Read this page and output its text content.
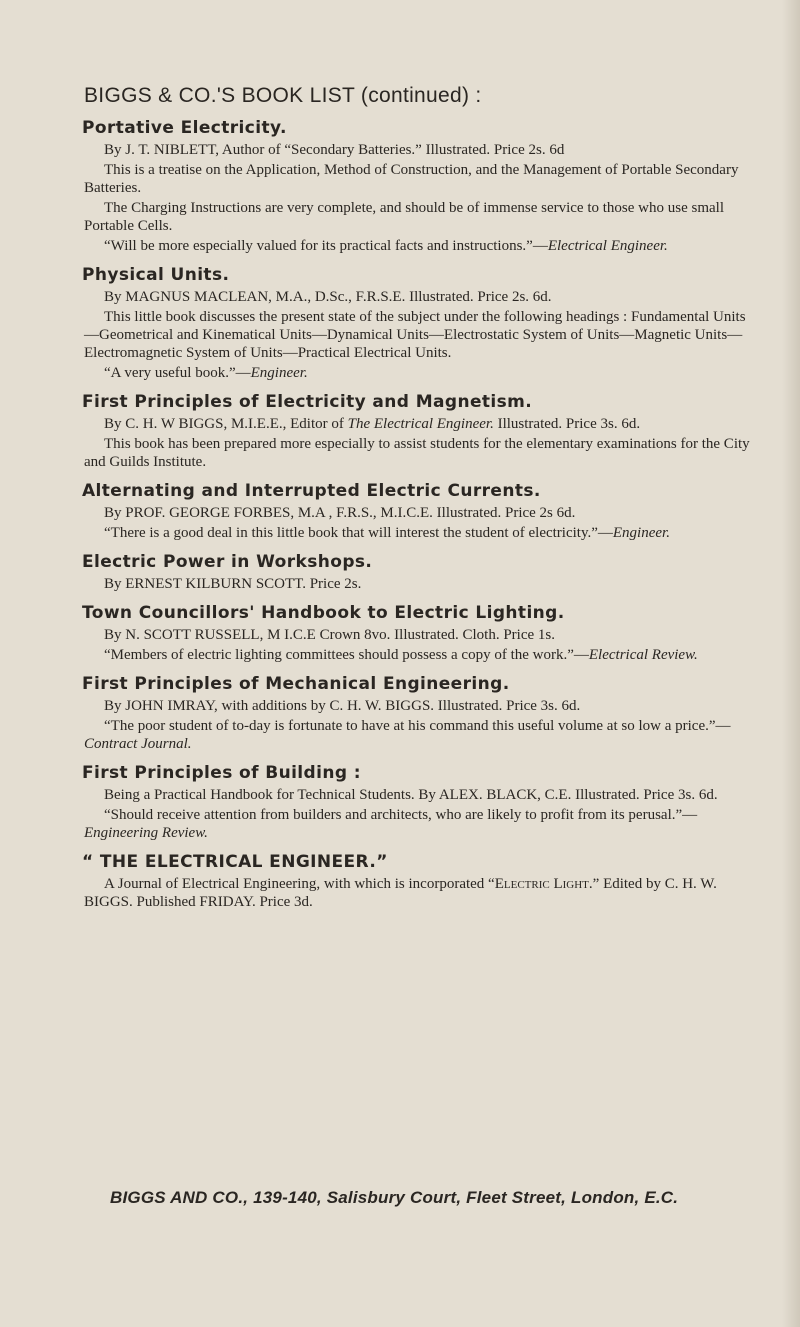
BIGGS & CO.'S BOOK LIST (continued) :
Portative Electricity.

By J. T. NIBLETT, Author of “Secondary Batteries.” Illustrated. Price 2s. 6d

This is a treatise on the Application, Method of Construction, and the Management of Portable Secondary Batteries.

The Charging Instructions are very complete, and should be of immense service to those who use small Portable Cells.

“Will be more especially valued for its practical facts and instructions.”—Electrical Engineer.

Physical Units.

By MAGNUS MACLEAN, M.A., D.Sc., F.R.S.E. Illustrated. Price 2s. 6d.

This little book discusses the present state of the subject under the following headings : Fundamental Units—Geometrical and Kinematical Units—Dynamical Units—Electrostatic System of Units—Magnetic Units—Electromagnetic System of Units—Practical Electrical Units.

“A very useful book.”—Engineer.

First Principles of Electricity and Magnetism.

By C. H. W BIGGS, M.I.E.E., Editor of The Electrical Engineer. Illustrated. Price 3s. 6d.

This book has been prepared more especially to assist students for the elementary examinations for the City and Guilds Institute.

Alternating and Interrupted Electric Currents.

By PROF. GEORGE FORBES, M.A , F.R.S., M.I.C.E. Illustrated. Price 2s 6d.

“There is a good deal in this little book that will interest the student of electricity.”—Engineer.

Electric Power in Workshops.

By ERNEST KILBURN SCOTT. Price 2s.

Town Councillors' Handbook to Electric Lighting.

By N. SCOTT RUSSELL, M I.C.E Crown 8vo. Illustrated. Cloth. Price 1s.

“Members of electric lighting committees should possess a copy of the work.”—Electrical Review.

First Principles of Mechanical Engineering.

By JOHN IMRAY, with additions by C. H. W. BIGGS. Illustrated. Price 3s. 6d.

“The poor student of to-day is fortunate to have at his command this useful volume at so low a price.”—Contract Journal.

First Principles of Building :

Being a Practical Handbook for Technical Students. By ALEX. BLACK, C.E. Illustrated. Price 3s. 6d.

“Should receive attention from builders and architects, who are likely to profit from its perusal.”—Engineering Review.

“ THE ELECTRICAL ENGINEER.”

A Journal of Electrical Engineering, with which is incorporated “Electric Light.” Edited by C. H. W. BIGGS. Published FRIDAY. Price 3d.

BIGGS AND CO., 139-140, Salisbury Court, Fleet Street, London, E.C.
